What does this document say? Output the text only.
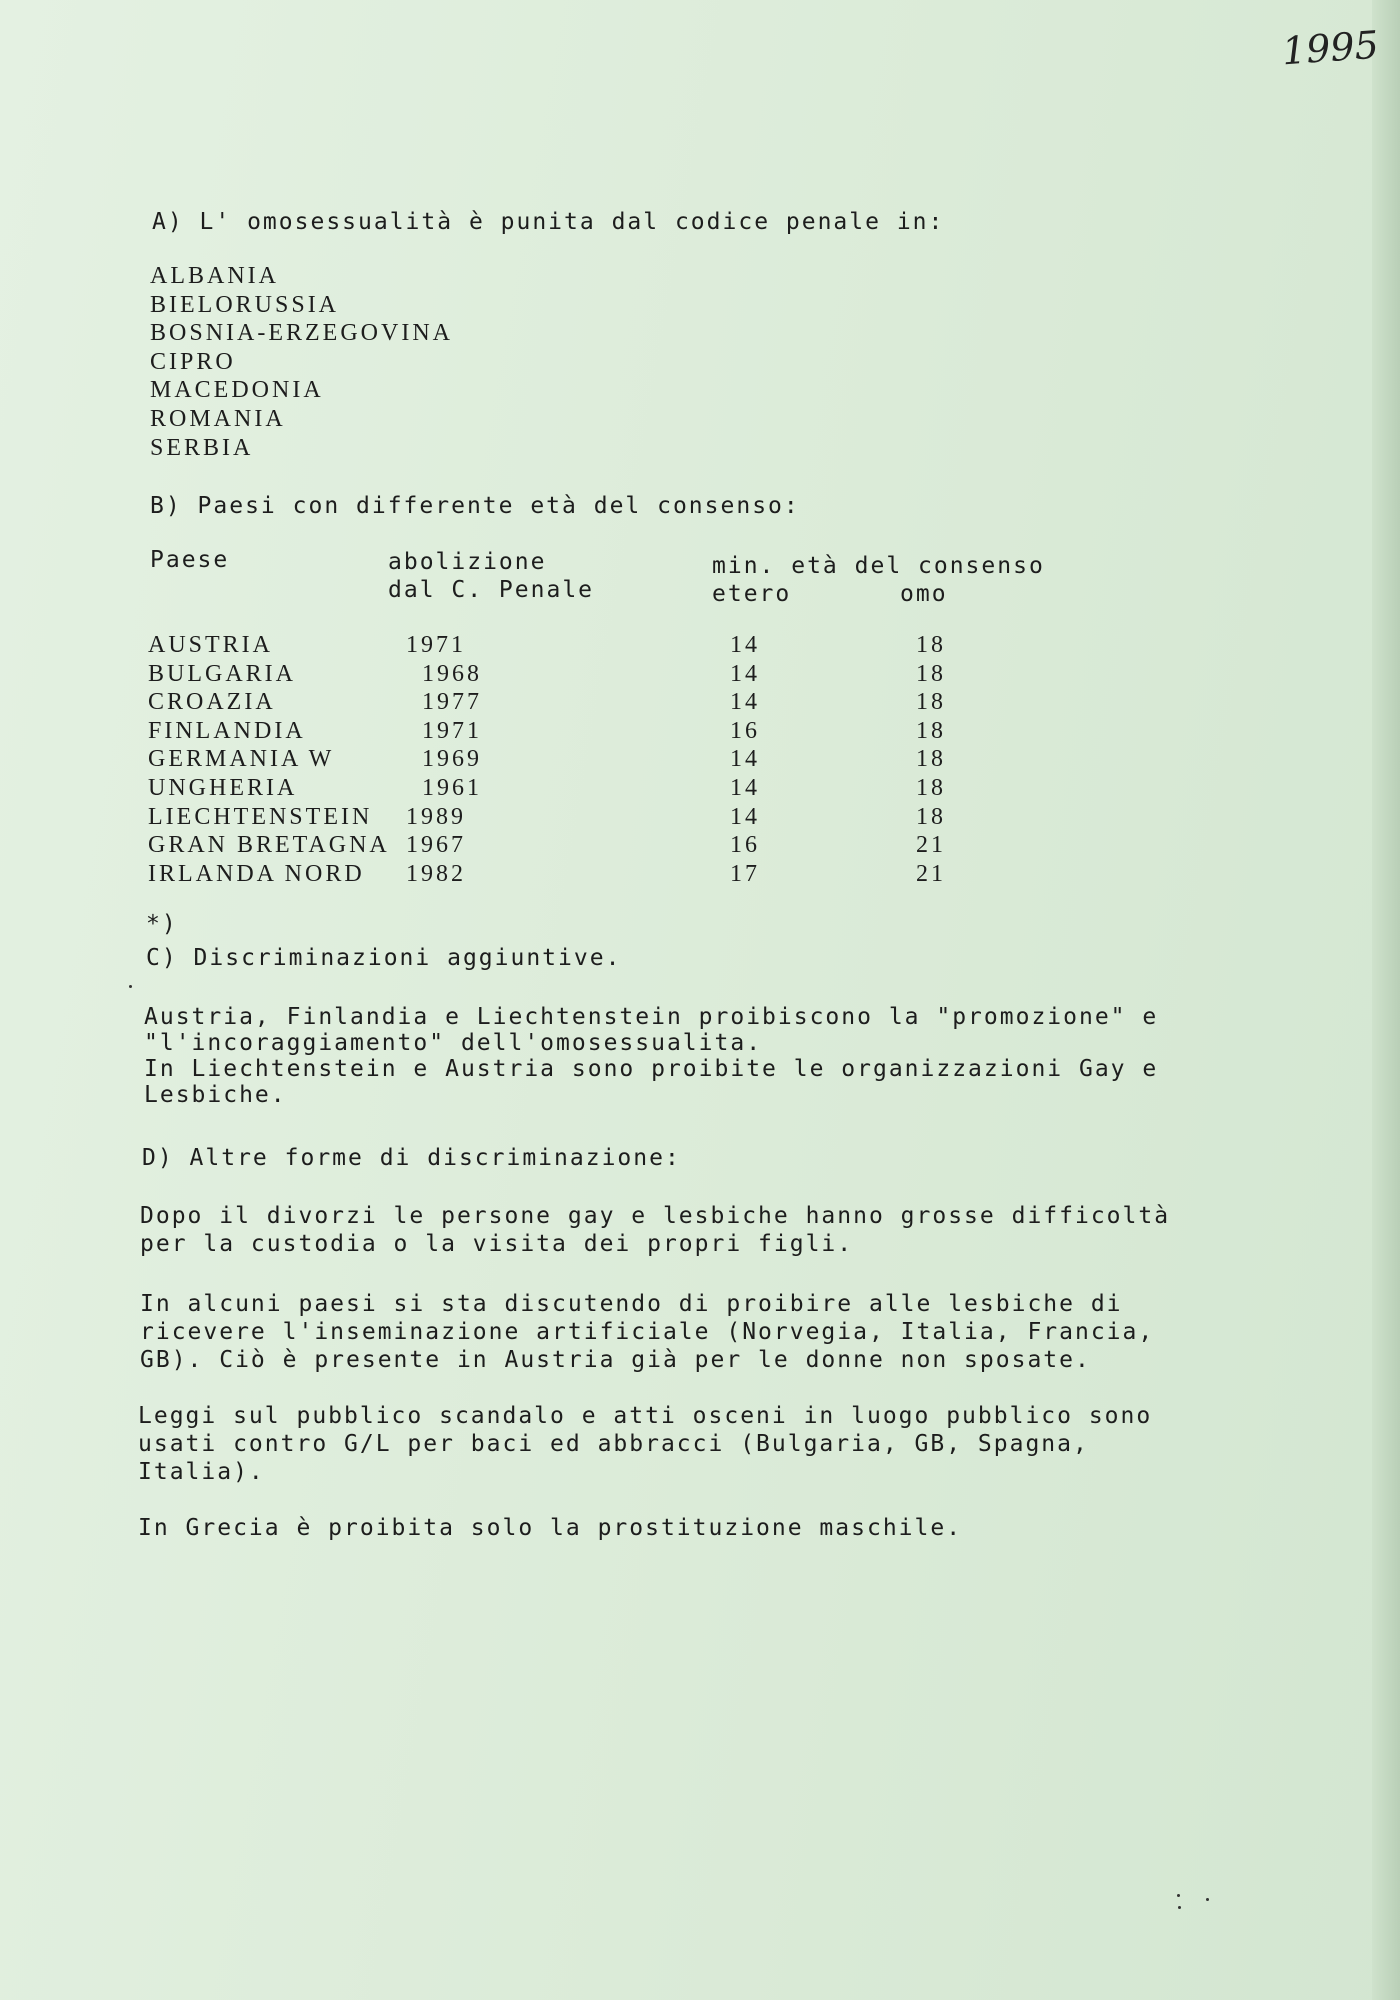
1995
A) L' omosessualità è punita dal codice penale in:
ALBANIA
BIELORUSSIA
BOSNIA-ERZEGOVINA
CIPRO
MACEDONIA
ROMANIA
SERBIA
B) Paesi con differente età del consenso:
Paese	abolizione
dal C. Penale
min. età del consenso
etero	omo
AUSTRIA	1971	14	18
BULGARIA	1968	14	18
CROAZIA	1977	14	18
FINLANDIA	1971	16	18
GERMANIA W	1969	14	18
UNGHERIA	1961	14	18
LIECHTENSTEIN 1989	14	18
GRAN BRETAGNA 1967	16	21
IRLANDA NORD 1982	17	21
*)
C) Discriminazioni aggiuntive.
Austria, Finlandia e Liechtenstein proibiscono la "promozione" e
"l'incoraggiamento" dell'omosessualita.
In Liechtenstein e Austria sono proibite le organizzazioni Gay e
Lesbiche.
D) Altre forme di discriminazione:
Dopo il divorzi le persone gay e lesbiche hanno grosse difficoltà
per la custodia o la visita dei propri figli.
In alcuni paesi si sta discutendo di proibire alle lesbiche di
ricevere l'inseminazione artificiale (Norvegia, Italia, Francia,
GB). Ciò è presente in Austria già per le donne non sposate.
Leggi sul pubblico scandalo e atti osceni in luogo pubblico sono
usati contro G/L per baci ed abbracci (Bulgaria, GB, Spagna,
Italia).
In Grecia è proibita solo la prostituzione maschile.
